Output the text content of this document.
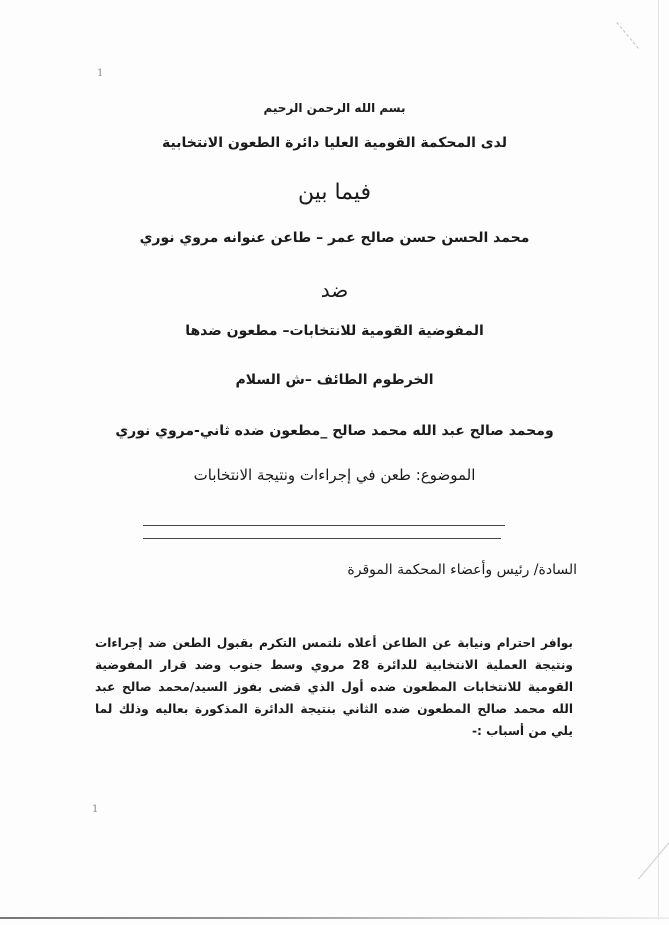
1
1
بسم الله الرحمن الرحيم
لدى المحكمة القومية العليا دائرة الطعون الانتخابية
فيما بين
محمد الحسن حسن صالح عمر – طاعن عنوانه مروي نوري
ضد
المفوضية القومية للانتخابات– مطعون ضدها
الخرطوم الطائف –ش السلام
ومحمد صالح عبد الله محمد صالح _مطعون ضده ثاني-مروي نوري
الموضوع: طعن في إجراءات ونتيجة الانتخابات
السادة/ رئيس وأعضاء المحكمة الموقرة

بوافر احترام ونيابة عن الطاعن أعلاه نلتمس التكرم بقبول الطعن ضد إجراءات ونتيجة العملية الانتخابية للدائرة 28 مروي وسط جنوب وضد قرار المفوضية القومية للانتخابات المطعون ضده أول الذي قضى بفوز السيد/محمد صالح عبد الله محمد صالح المطعون ضده الثاني بنتيجة الدائرة المذكورة بعاليه وذلك لما يلي من أسباب :-
